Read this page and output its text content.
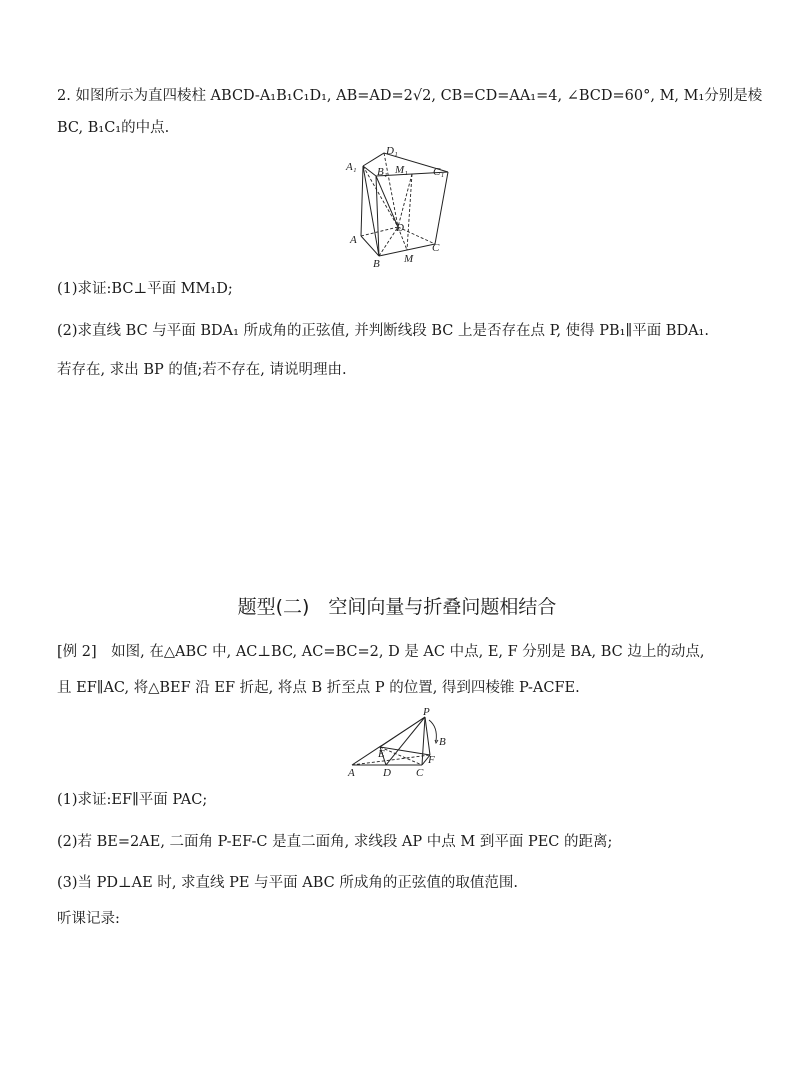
2. 如图所示为直四棱柱 ABCD-A₁B₁C₁D₁, AB=AD=2√2, CB=CD=AA₁=4, ∠BCD=60°, M, M₁分别是棱
BC, B₁C₁的中点.
A₁
D₁
B₁ M₁ C₁
A
D
B M
C
(1)求证:BC⊥平面 MM₁D;
(2)求直线 BC 与平面 BDA₁ 所成角的正弦值, 并判断线段 BC 上是否存在点 P, 使得 PB₁∥平面 BDA₁.
若存在, 求出 BP 的值;若不存在, 请说明理由.
题型(二)　空间向量与折叠问题相结合
[例 2]　如图, 在△ABC 中, AC⊥BC, AC=BC=2, D 是 AC 中点, E, F 分别是 BA, BC 边上的动点,
且 EF∥AC, 将△BEF 沿 EF 折起, 将点 B 折至点 P 的位置, 得到四棱锥 P-ACFE.
P
B
E	F
A	D C
(1)求证:EF∥平面 PAC;
(2)若 BE=2AE, 二面角 P-EF-C 是直二面角, 求线段 AP 中点 M 到平面 PEC 的距离;
(3)当 PD⊥AE 时, 求直线 PE 与平面 ABC 所成角的正弦值的取值范围.
听课记录:
